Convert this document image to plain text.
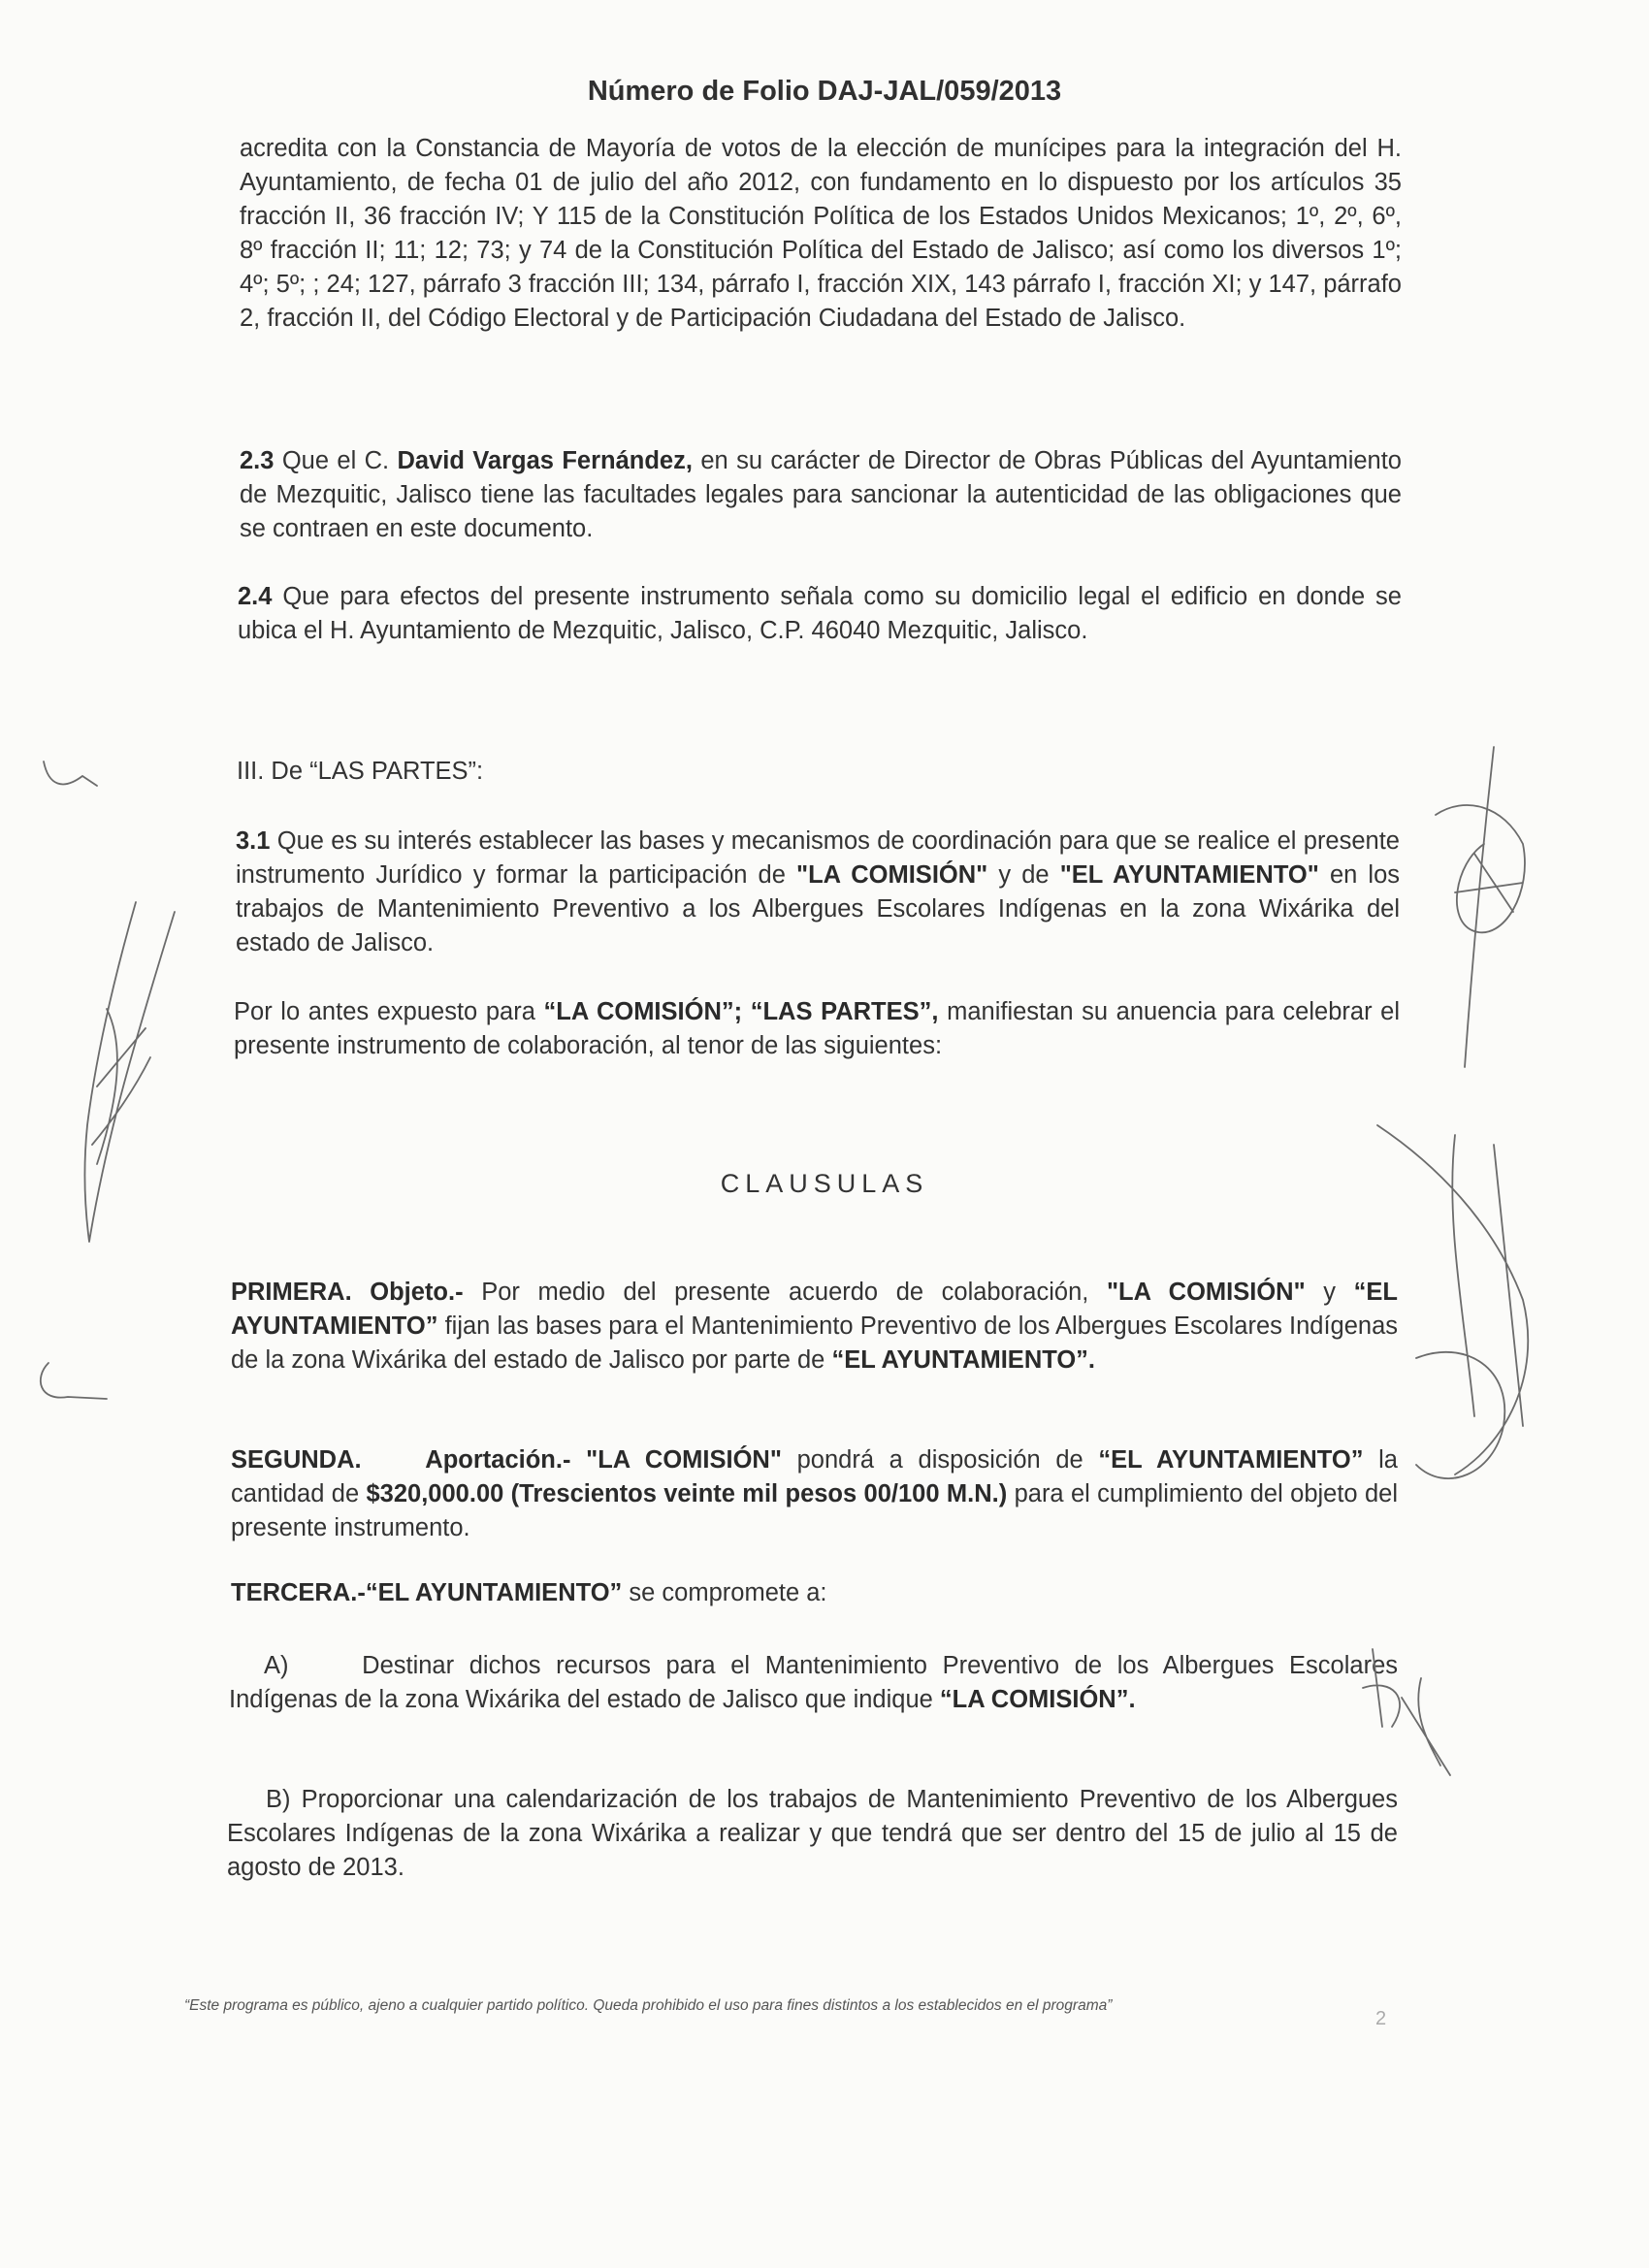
Número de Folio DAJ-JAL/059/2013
acredita con la Constancia de Mayoría de votos de la elección de munícipes para la integración del H. Ayuntamiento, de fecha 01 de julio del año 2012, con fundamento en lo dispuesto por los artículos 35 fracción II, 36 fracción IV; Y 115 de la Constitución Política de los Estados Unidos Mexicanos; 1º, 2º, 6º, 8º fracción II; 11; 12; 73; y 74 de la Constitución Política del Estado de Jalisco; así como los diversos 1º; 4º; 5º; ; 24; 127, párrafo 3 fracción III; 134, párrafo I, fracción XIX, 143 párrafo I, fracción XI; y 147, párrafo 2, fracción II, del Código Electoral y de Participación Ciudadana del Estado de Jalisco.
2.3 Que el C. David Vargas Fernández, en su carácter de Director de Obras Públicas del Ayuntamiento de Mezquitic, Jalisco tiene las facultades legales para sancionar la autenticidad de las obligaciones que se contraen en este documento.
2.4 Que para efectos del presente instrumento señala como su domicilio legal el edificio en donde se ubica el H. Ayuntamiento de Mezquitic, Jalisco, C.P. 46040 Mezquitic, Jalisco.
III. De “LAS PARTES”:
3.1 Que es su interés establecer las bases y mecanismos de coordinación para que se realice el presente instrumento Jurídico y formar la participación de "LA COMISIÓN" y de "EL AYUNTAMIENTO" en los trabajos de Mantenimiento Preventivo a los Albergues Escolares Indígenas en la zona Wixárika del estado de Jalisco.
Por lo antes expuesto para “LA COMISIÓN”; “LAS PARTES”, manifiestan su anuencia para celebrar el presente instrumento de colaboración, al tenor de las siguientes:
CLAUSULAS
PRIMERA. Objeto.- Por medio del presente acuerdo de colaboración, "LA COMISIÓN" y “EL AYUNTAMIENTO” fijan las bases para el Mantenimiento Preventivo de los Albergues Escolares Indígenas de la zona Wixárika del estado de Jalisco por parte de “EL AYUNTAMIENTO”.
SEGUNDA.	Aportación.- "LA COMISIÓN" pondrá a disposición de “EL AYUNTAMIENTO” la cantidad de $320,000.00 (Trescientos veinte mil pesos 00/100 M.N.) para el cumplimiento del objeto del presente instrumento.
TERCERA.-“EL AYUNTAMIENTO” se compromete a:
A)	Destinar dichos recursos para el Mantenimiento Preventivo de los Albergues Escolares Indígenas de la zona Wixárika del estado de Jalisco que indique “LA COMISIÓN”.
B) Proporcionar una calendarización de los trabajos de Mantenimiento Preventivo de los Albergues Escolares Indígenas de la zona Wixárika a realizar y que tendrá que ser dentro del 15 de julio al 15 de agosto de 2013.
“Este programa es público, ajeno a cualquier partido político. Queda prohibido el uso para fines distintos a los establecidos en el programa”
2
